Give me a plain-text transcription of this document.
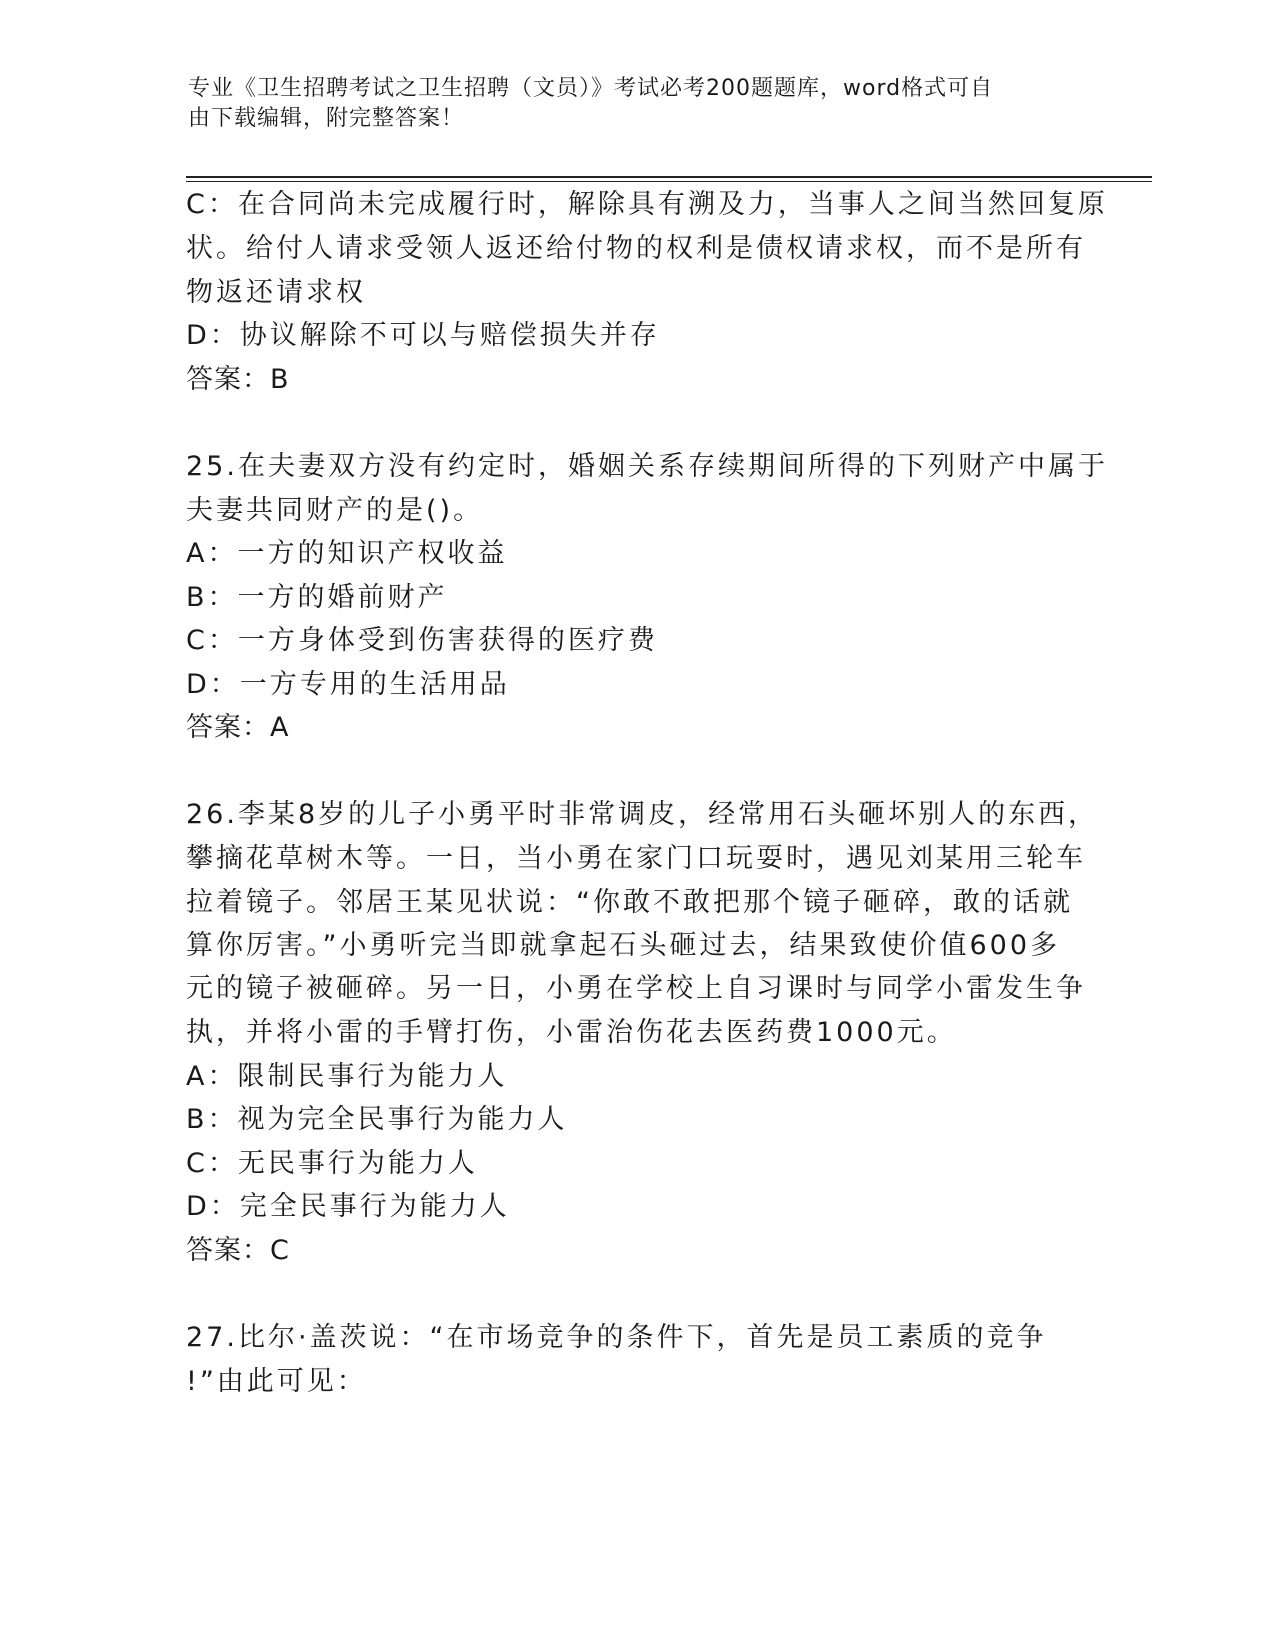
专业《卫生招聘考试之卫生招聘（文员）》考试必考200题题库，word格式可自
由下载编辑，附完整答案！
C：在合同尚未完成履行时，解除具有溯及力，当事人之间当然回复原
状。给付人请求受领人返还给付物的权利是债权请求权，而不是所有
物返还请求权
D：协议解除不可以与赔偿损失并存
答案：B
25.在夫妻双方没有约定时，婚姻关系存续期间所得的下列财产中属于
夫妻共同财产的是()。
A：一方的知识产权收益
B：一方的婚前财产
C：一方身体受到伤害获得的医疗费
D：一方专用的生活用品
答案：A
26.李某8岁的儿子小勇平时非常调皮，经常用石头砸坏别人的东西，
攀摘花草树木等。一日，当小勇在家门口玩耍时，遇见刘某用三轮车
拉着镜子。邻居王某见状说：“你敢不敢把那个镜子砸碎，敢的话就
算你厉害。”小勇听完当即就拿起石头砸过去，结果致使价值600多
元的镜子被砸碎。另一日，小勇在学校上自习课时与同学小雷发生争
执，并将小雷的手臂打伤，小雷治伤花去医药费1000元。
A：限制民事行为能力人
B：视为完全民事行为能力人
C：无民事行为能力人
D：完全民事行为能力人
答案：C
27.比尔·盖茨说：“在市场竞争的条件下，首先是员工素质的竞争
!”由此可见：
